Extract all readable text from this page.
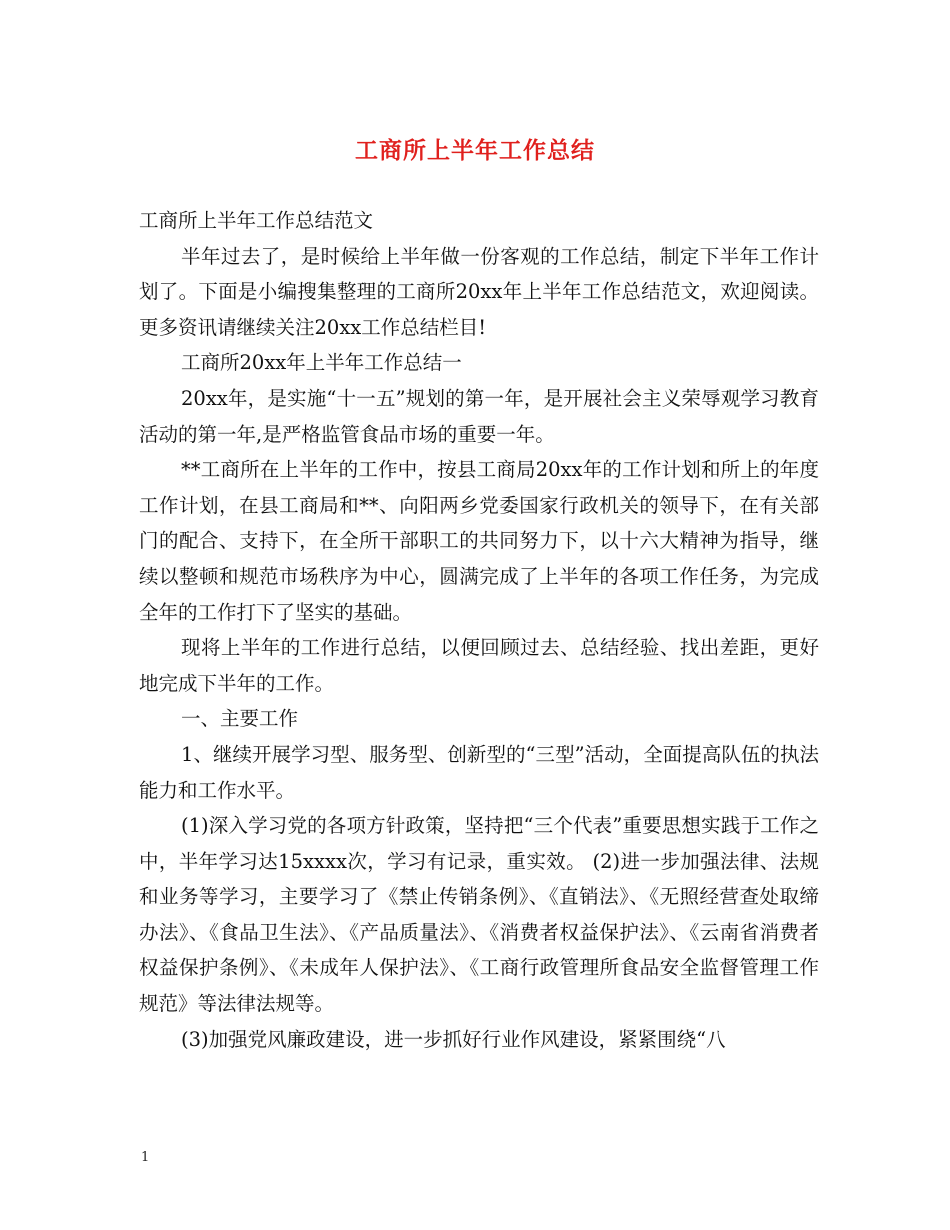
工商所上半年工作总结

工商所上半年工作总结范文

半年过去了，是时候给上半年做一份客观的工作总结，制定下半年工作计划了。下面是小编搜集整理的工商所20xx年上半年工作总结范文，欢迎阅读。更多资讯请继续关注20xx工作总结栏目!

工商所20xx年上半年工作总结一

20xx年，是实施“十一五”规划的第一年，是开展社会主义荣辱观学习教育活动的第一年,是严格监管食品市场的重要一年。

**工商所在上半年的工作中，按县工商局20xx年的工作计划和所上的年度工作计划，在县工商局和**、向阳两乡党委国家行政机关的领导下，在有关部门的配合、支持下，在全所干部职工的共同努力下，以十六大精神为指导，继续以整顿和规范市场秩序为中心，圆满完成了上半年的各项工作任务，为完成全年的工作打下了坚实的基础。

现将上半年的工作进行总结，以便回顾过去、总结经验、找出差距，更好地完成下半年的工作。

一、主要工作

1、继续开展学习型、服务型、创新型的“三型”活动，全面提高队伍的执法能力和工作水平。

(1)深入学习党的各项方针政策，坚持把“三个代表”重要思想实践于工作之中，半年学习达15xxxx次，学习有记录，重实效。 (2)进一步加强法律、法规和业务等学习，主要学习了《禁止传销条例》、《直销法》、《无照经营查处取缔办法》、《食品卫生法》、《产品质量法》、《消费者权益保护法》、《云南省消费者权益保护条例》、《未成年人保护法》、《工商行政管理所食品安全监督管理工作规范》等法律法规等。

(3)加强党风廉政建设，进一步抓好行业作风建设，紧紧围绕“八

1
